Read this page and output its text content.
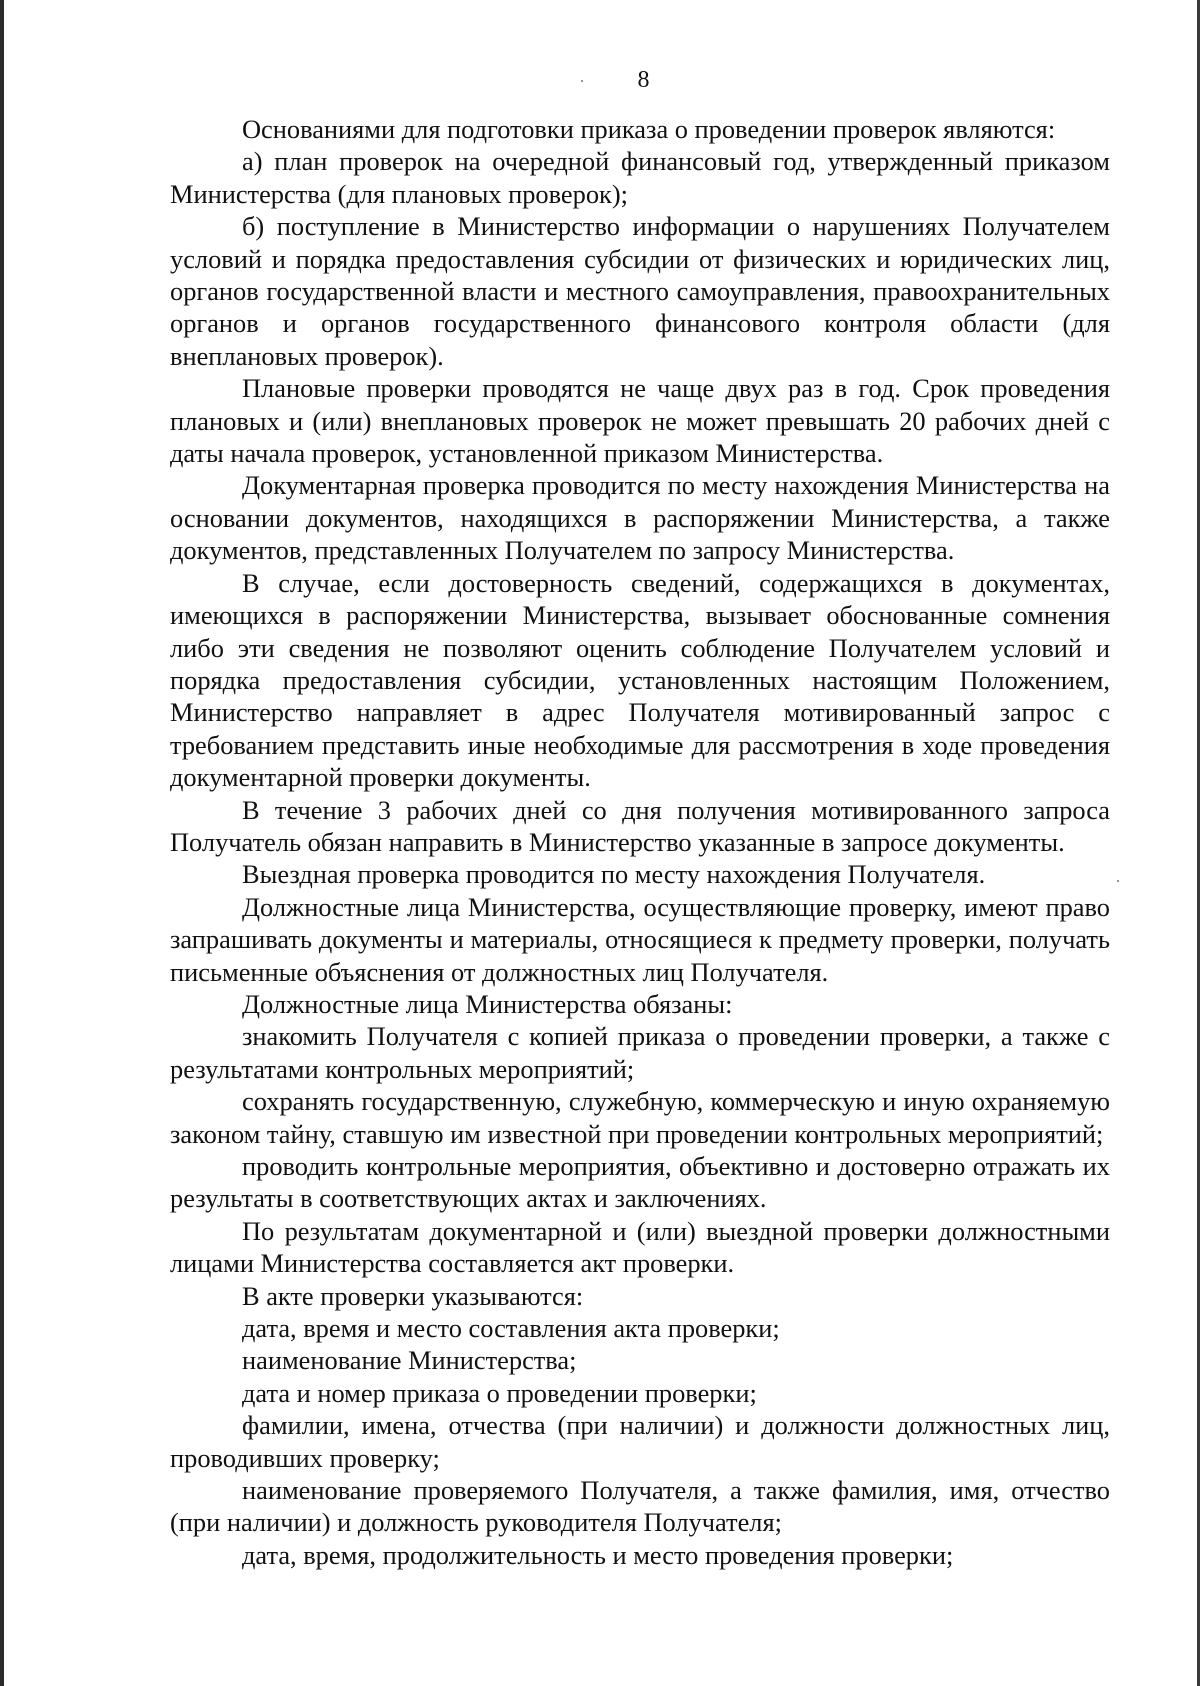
8

Основаниями для подготовки приказа о проведении проверок являются:

а) план проверок на очередной финансовый год, утвержденный приказом Министерства (для плановых проверок);

б) поступление в Министерство информации о нарушениях Получателем условий и порядка предоставления субсидии от физических и юридических лиц, органов государственной власти и местного самоуправления, правоохранительных органов и органов государственного финансового контроля области (для внеплановых проверок).

Плановые проверки проводятся не чаще двух раз в год. Срок проведения плановых и (или) внеплановых проверок не может превышать 20 рабочих дней с даты начала проверок, установленной приказом Министерства.

Документарная проверка проводится по месту нахождения Министерства на основании документов, находящихся в распоряжении Министерства, а также документов, представленных Получателем по запросу Министерства.

В случае, если достоверность сведений, содержащихся в документах, имеющихся в распоряжении Министерства, вызывает обоснованные сомнения либо эти сведения не позволяют оценить соблюдение Получателем условий и порядка предоставления субсидии, установленных настоящим Положением, Министерство направляет в адрес Получателя мотивированный запрос с требованием представить иные необходимые для рассмотрения в ходе проведения документарной проверки документы.

В течение 3 рабочих дней со дня получения мотивированного запроса Получатель обязан направить в Министерство указанные в запросе документы.

Выездная проверка проводится по месту нахождения Получателя.

Должностные лица Министерства, осуществляющие проверку, имеют право запрашивать документы и материалы, относящиеся к предмету проверки, получать письменные объяснения от должностных лиц Получателя.

Должностные лица Министерства обязаны:

знакомить Получателя с копией приказа о проведении проверки, а также с результатами контрольных мероприятий;

сохранять государственную, служебную, коммерческую и иную охраняемую законом тайну, ставшую им известной при проведении контрольных мероприятий;

проводить контрольные мероприятия, объективно и достоверно отражать их результаты в соответствующих актах и заключениях.

По результатам документарной и (или) выездной проверки должностными лицами Министерства составляется акт проверки.

В акте проверки указываются:

дата, время и место составления акта проверки;

наименование Министерства;

дата и номер приказа о проведении проверки;

фамилии, имена, отчества (при наличии) и должности должностных лиц, проводивших проверку;

наименование проверяемого Получателя, а также фамилия, имя, отчество (при наличии) и должность руководителя Получателя;

дата, время, продолжительность и место проведения проверки;
